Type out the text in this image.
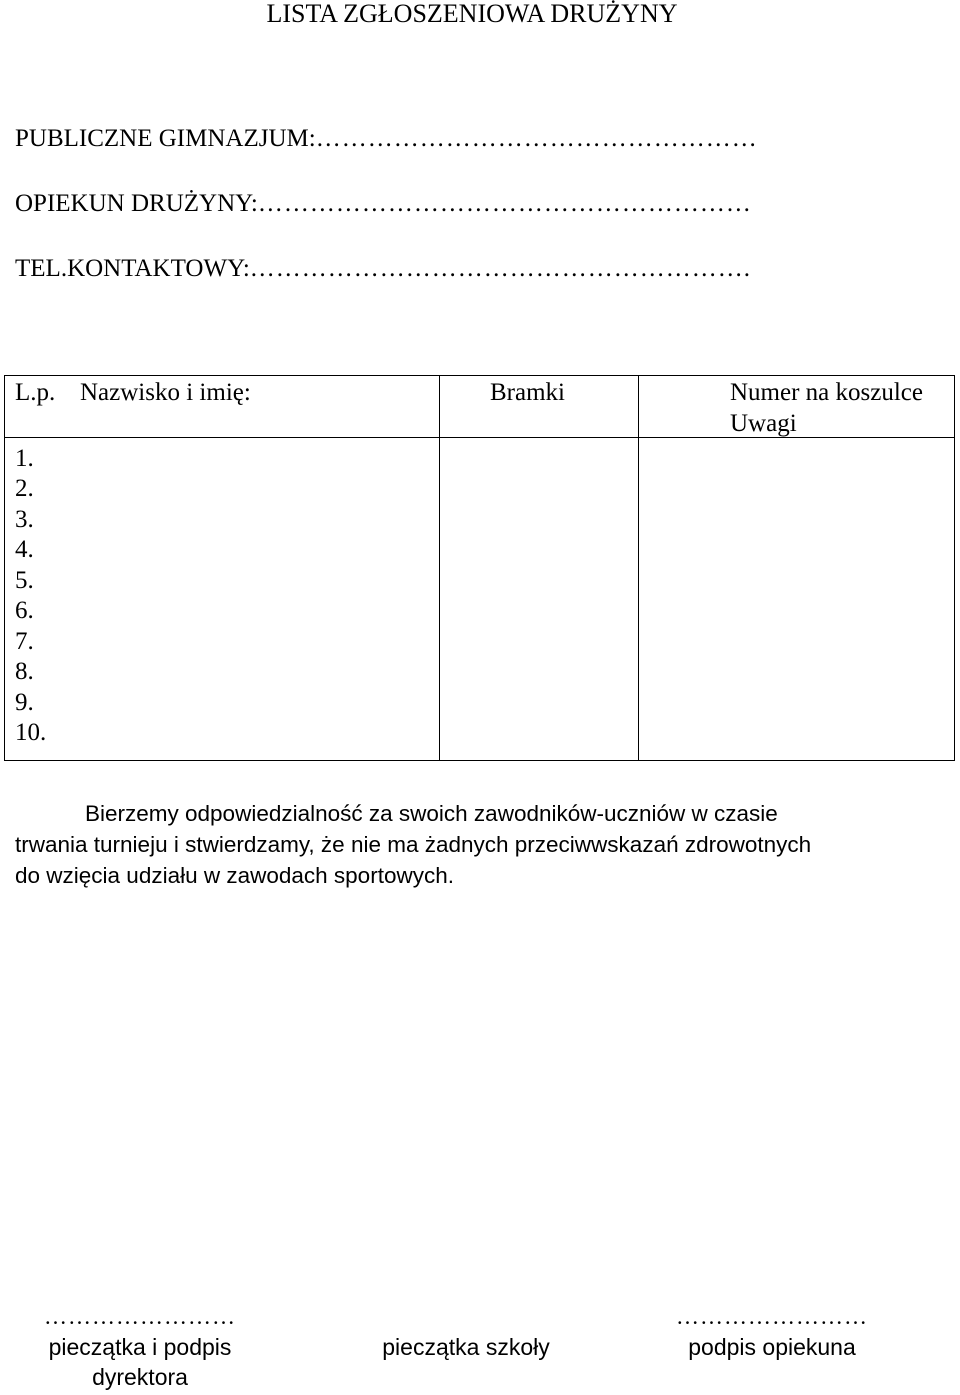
LISTA ZGŁOSZENIOWA DRUŻYNY
PUBLICZNE GIMNAZJUM:……………………………………………
OPIEKUN DRUŻYNY:…………………………………………………
TEL.KONTAKTOWY:………………………………………………….
L.p. Nazwisko i imię:	Bramki	Numer na koszulce
Uwagi
1.
2.
3.
4.
5.
6.
7.
8.
9.
10.
Bierzemy odpowiedzialność za swoich zawodników-uczniów w czasie
trwania turnieju i stwierdzamy, że nie ma żadnych przeciwwskazań zdrowotnych
do wzięcia udziału w zawodach sportowych.
……………………
pieczątka i podpis
dyrektora
pieczątka szkoły
……………………
podpis opiekuna
